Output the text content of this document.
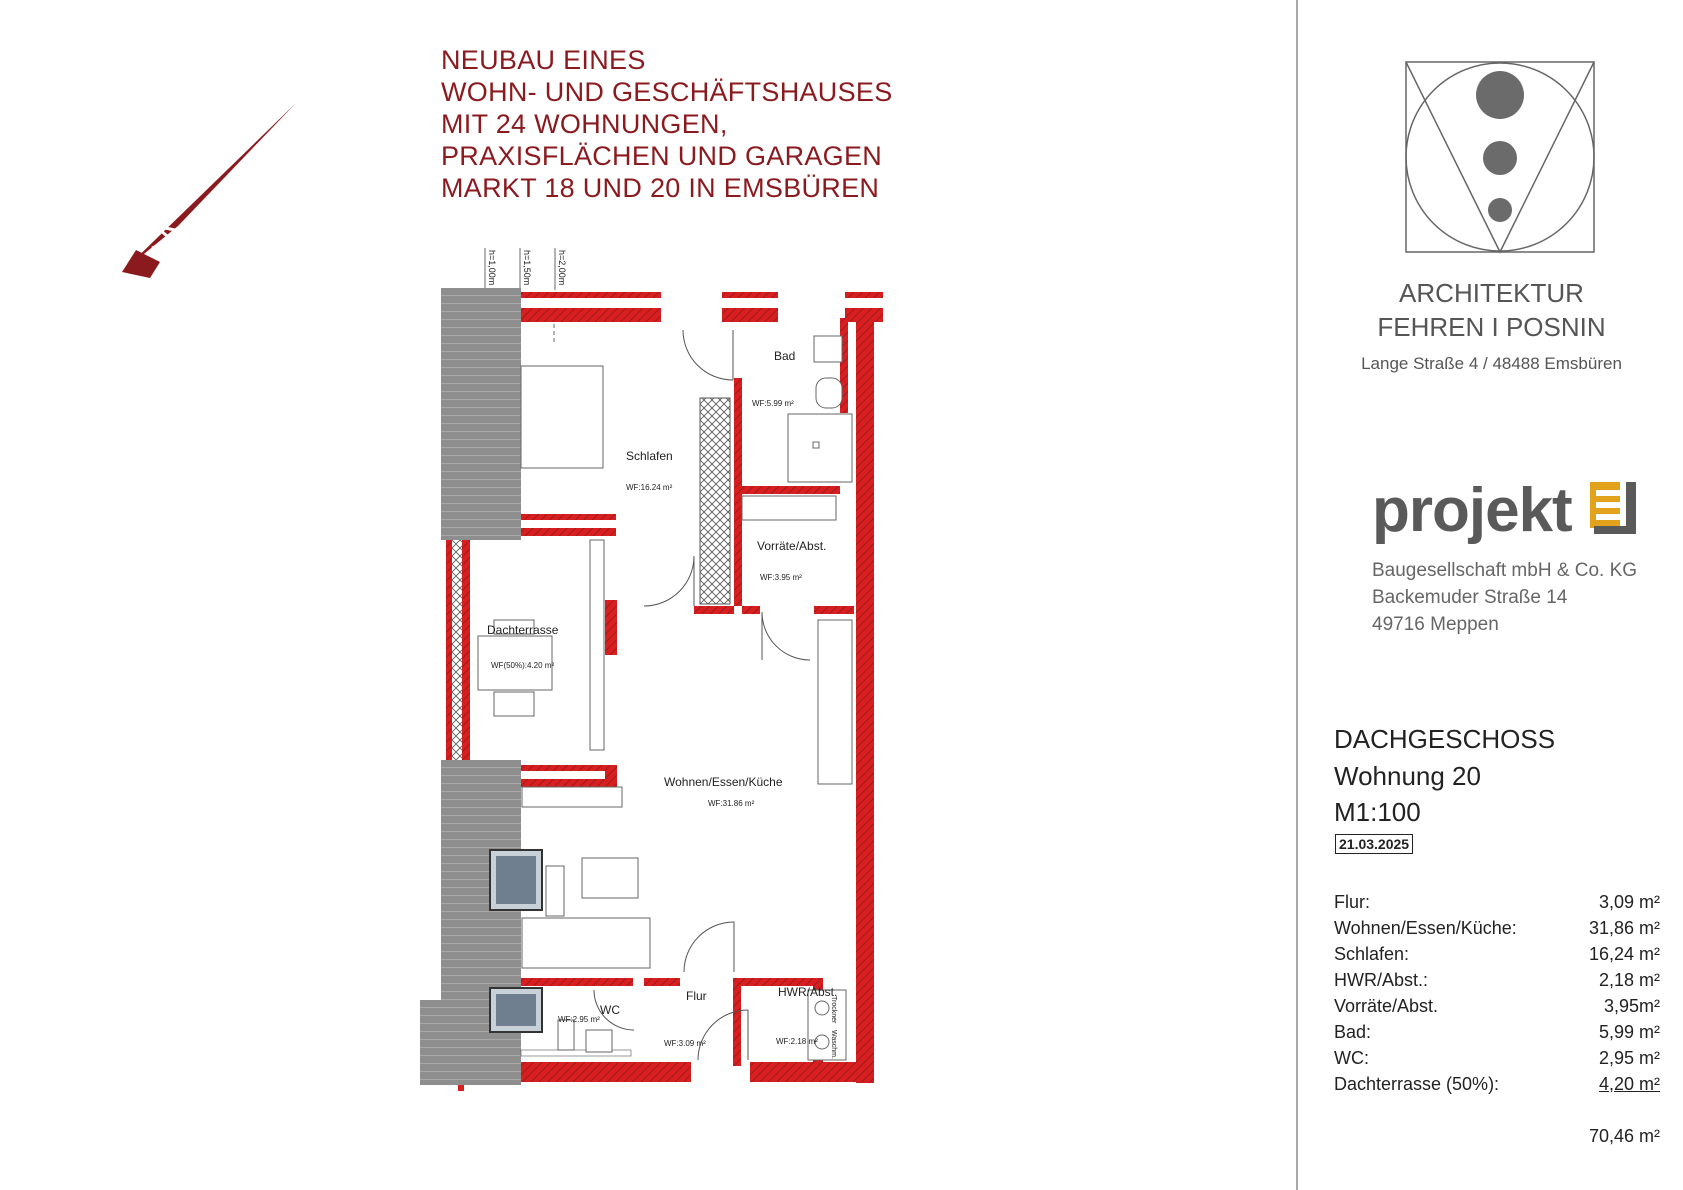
NEUBAU EINES
WOHN- UND GESCHÄFTSHAUSES
MIT 24 WOHNUNGEN,
PRAXISFLÄCHEN UND GARAGEN
MARKT 18 UND 20 IN EMSBÜREN
h=1,00m	h=1,50m	h=2,00m
Trockner
Waschm.
Bad
WF:5.99 m²
Schlafen
WF:16.24 m²
Vorräte/Abst.
WF:3.95 m²
Dachterrasse
WF(50%):4.20 m²
Wohnen/Essen/Küche
WF:31.86 m²
Flur
WF:3.09 m²
WC
WF:2.95 m²
HWR/Abst.
WF:2.18 m²
ARCHITEKTUR
FEHREN I POSNIN
Lange Straße 4 / 48488 Emsbüren
projekt
Baugesellschaft mbH & Co. KG
Backemuder Straße 14
49716 Meppen
DACHGESCHOSS
Wohnung 20
M1:100
21.03.2025
Flur:	3,09 m²
Wohnen/Essen/Küche:	31,86 m²
Schlafen:	16,24 m²
HWR/Abst.:	2,18 m²
Vorräte/Abst.	3,95m²
Bad:	5,99 m²
WC:	2,95 m²
Dachterrasse (50%):	4,20 m²
70,46 m²
